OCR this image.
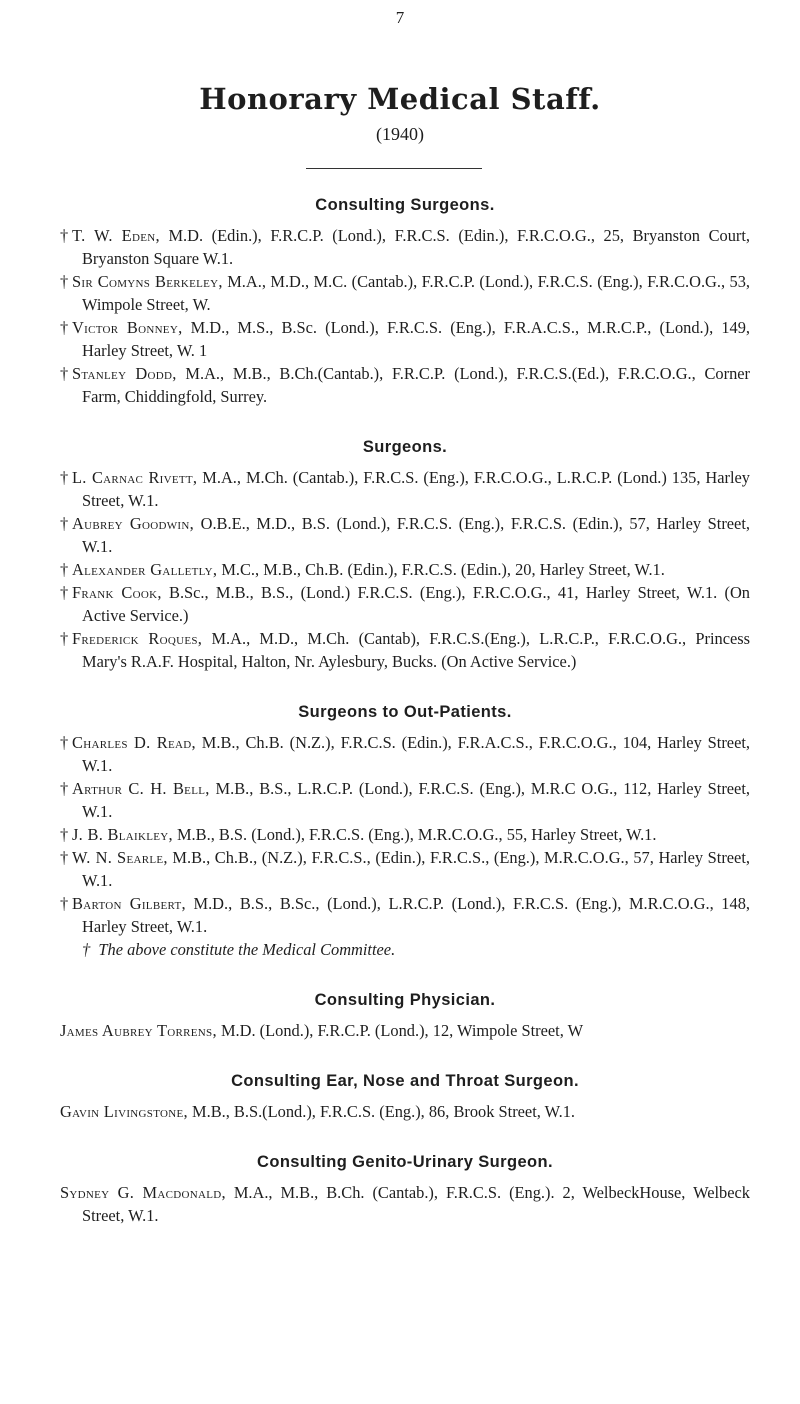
7
Honorary Medical Staff.
(1940)
Consulting Surgeons.

† T. W. Eden, M.D. (Edin.), F.R.C.P. (Lond.), F.R.C.S. (Edin.), F.R.C.O.G., 25, Bryanston Court, Bryanston Square W.1.

† Sir Comyns Berkeley, M.A., M.D., M.C. (Cantab.), F.R.C.P. (Lond.), F.R.C.S. (Eng.), F.R.C.O.G., 53, Wimpole Street, W.

† Victor Bonney, M.D., M.S., B.Sc. (Lond.), F.R.C.S. (Eng.), F.R.A.C.S., M.R.C.P., (Lond.), 149, Harley Street, W. 1

† Stanley Dodd, M.A., M.B., B.Ch.(Cantab.), F.R.C.P. (Lond.), F.R.C.S.(Ed.), F.R.C.O.G., Corner Farm, Chiddingfold, Surrey.

Surgeons.

† L. Carnac Rivett, M.A., M.Ch. (Cantab.), F.R.C.S. (Eng.), F.R.C.O.G., L.R.C.P. (Lond.) 135, Harley Street, W.1.

† Aubrey Goodwin, O.B.E., M.D., B.S. (Lond.), F.R.C.S. (Eng.), F.R.C.S. (Edin.), 57, Harley Street, W.1.

† Alexander Galletly, M.C., M.B., Ch.B. (Edin.), F.R.C.S. (Edin.), 20, Harley Street, W.1.

† Frank Cook, B.Sc., M.B., B.S., (Lond.) F.R.C.S. (Eng.), F.R.C.O.G., 41, Harley Street, W.1. (On Active Service.)

† Frederick Roques, M.A., M.D., M.Ch. (Cantab), F.R.C.S.(Eng.), L.R.C.P., F.R.C.O.G., Princess Mary's R.A.F. Hospital, Halton, Nr. Aylesbury, Bucks. (On Active Service.)

Surgeons to Out-Patients.

† Charles D. Read, M.B., Ch.B. (N.Z.), F.R.C.S. (Edin.), F.R.A.C.S., F.R.C.O.G., 104, Harley Street, W.1.

† Arthur C. H. Bell, M.B., B.S., L.R.C.P. (Lond.), F.R.C.S. (Eng.), M.R.C O.G., 112, Harley Street, W.1.

† J. B. Blaikley, M.B., B.S. (Lond.), F.R.C.S. (Eng.), M.R.C.O.G., 55, Harley Street, W.1.

† W. N. Searle, M.B., Ch.B., (N.Z.), F.R.C.S., (Edin.), F.R.C.S., (Eng.), M.R.C.O.G., 57, Harley Street, W.1.

† Barton Gilbert, M.D., B.S., B.Sc., (Lond.), L.R.C.P. (Lond.), F.R.C.S. (Eng.), M.R.C.O.G., 148, Harley Street, W.1.

† The above constitute the Medical Committee.

Consulting Physician.

James Aubrey Torrens, M.D. (Lond.), F.R.C.P. (Lond.), 12, Wimpole Street, W

Consulting Ear, Nose and Throat Surgeon.

Gavin Livingstone, M.B., B.S.(Lond.), F.R.C.S. (Eng.), 86, Brook Street, W.1.

Consulting Genito-Urinary Surgeon.

Sydney G. Macdonald, M.A., M.B., B.Ch. (Cantab.), F.R.C.S. (Eng.). 2, WelbeckHouse, Welbeck Street, W.1.
